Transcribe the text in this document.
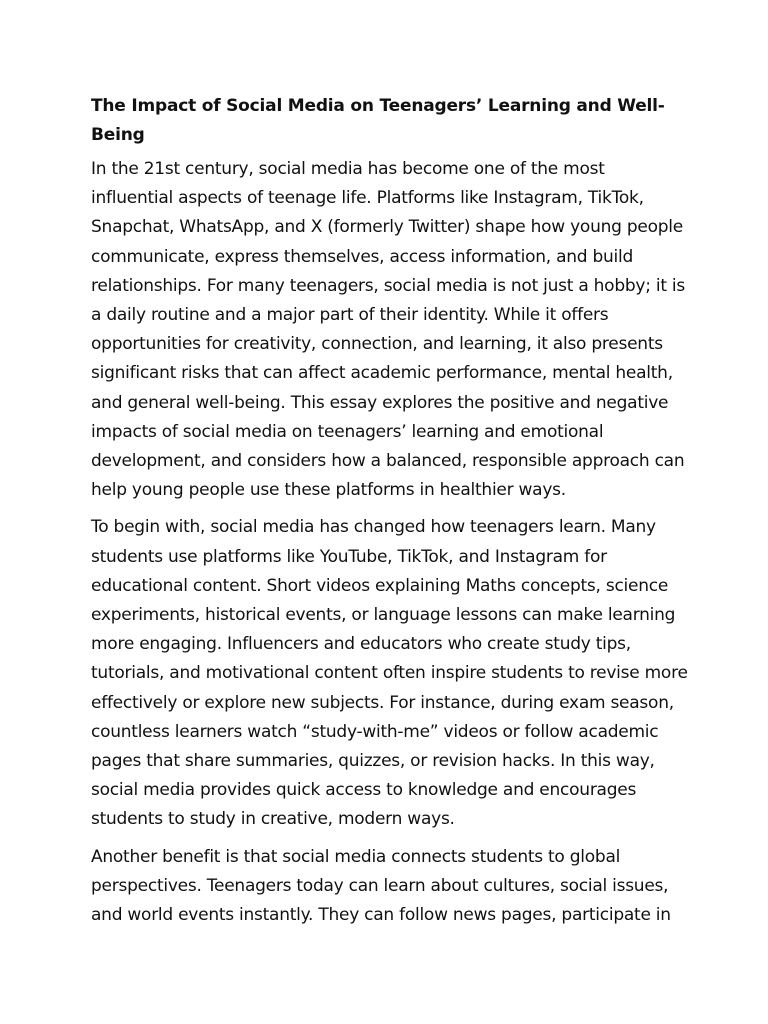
The Impact of Social Media on Teenagers’ Learning and Well-Being

In the 21st century, social media has become one of the most influential aspects of teenage life. Platforms like Instagram, TikTok, Snapchat, WhatsApp, and X (formerly Twitter) shape how young people communicate, express themselves, access information, and build relationships. For many teenagers, social media is not just a hobby; it is a daily routine and a major part of their identity. While it offers opportunities for creativity, connection, and learning, it also presents significant risks that can affect academic performance, mental health, and general well-being. This essay explores the positive and negative impacts of social media on teenagers’ learning and emotional development, and considers how a balanced, responsible approach can help young people use these platforms in healthier ways.

To begin with, social media has changed how teenagers learn. Many students use platforms like YouTube, TikTok, and Instagram for educational content. Short videos explaining Maths concepts, science experiments, historical events, or language lessons can make learning more engaging. Influencers and educators who create study tips, tutorials, and motivational content often inspire students to revise more effectively or explore new subjects. For instance, during exam season, countless learners watch “study-with-me” videos or follow academic pages that share summaries, quizzes, or revision hacks. In this way, social media provides quick access to knowledge and encourages students to study in creative, modern ways.

Another benefit is that social media connects students to global perspectives. Teenagers today can learn about cultures, social issues, and world events instantly. They can follow news pages, participate in
